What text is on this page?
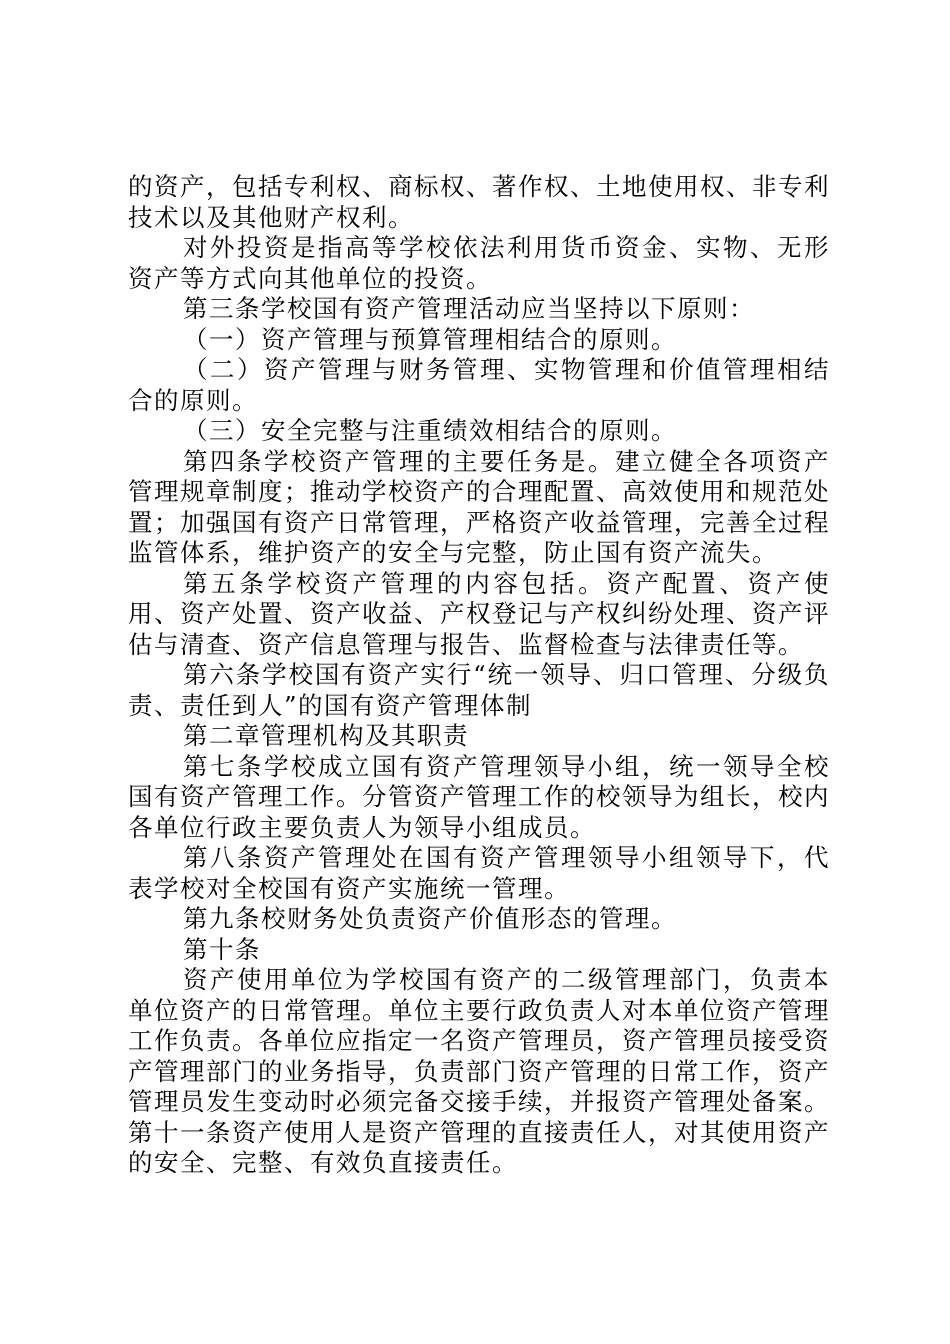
的资产，包括专利权、商标权、著作权、土地使用权、非专利技术以及其他财产权利。

对外投资是指高等学校依法利用货币资金、实物、无形资产等方式向其他单位的投资。

第三条学校国有资产管理活动应当坚持以下原则：

（一）资产管理与预算管理相结合的原则。

（二）资产管理与财务管理、实物管理和价值管理相结合的原则。

（三）安全完整与注重绩效相结合的原则。

第四条学校资产管理的主要任务是。建立健全各项资产管理规章制度；推动学校资产的合理配置、高效使用和规范处置；加强国有资产日常管理，严格资产收益管理，完善全过程监管体系，维护资产的安全与完整，防止国有资产流失。

第五条学校资产管理的内容包括。资产配置、资产使用、资产处置、资产收益、产权登记与产权纠纷处理、资产评估与清查、资产信息管理与报告、监督检查与法律责任等。

第六条学校国有资产实行“统一领导、归口管理、分级负责、责任到人”的国有资产管理体制

第二章管理机构及其职责

第七条学校成立国有资产管理领导小组，统一领导全校国有资产管理工作。分管资产管理工作的校领导为组长，校内各单位行政主要负责人为领导小组成员。

第八条资产管理处在国有资产管理领导小组领导下，代表学校对全校国有资产实施统一管理。

第九条校财务处负责资产价值形态的管理。

第十条

资产使用单位为学校国有资产的二级管理部门，负责本单位资产的日常管理。单位主要行政负责人对本单位资产管理工作负责。各单位应指定一名资产管理员，资产管理员接受资产管理部门的业务指导，负责部门资产管理的日常工作，资产管理员发生变动时必须完备交接手续，并报资产管理处备案。第十一条资产使用人是资产管理的直接责任人，对其使用资产的安全、完整、有效负直接责任。
